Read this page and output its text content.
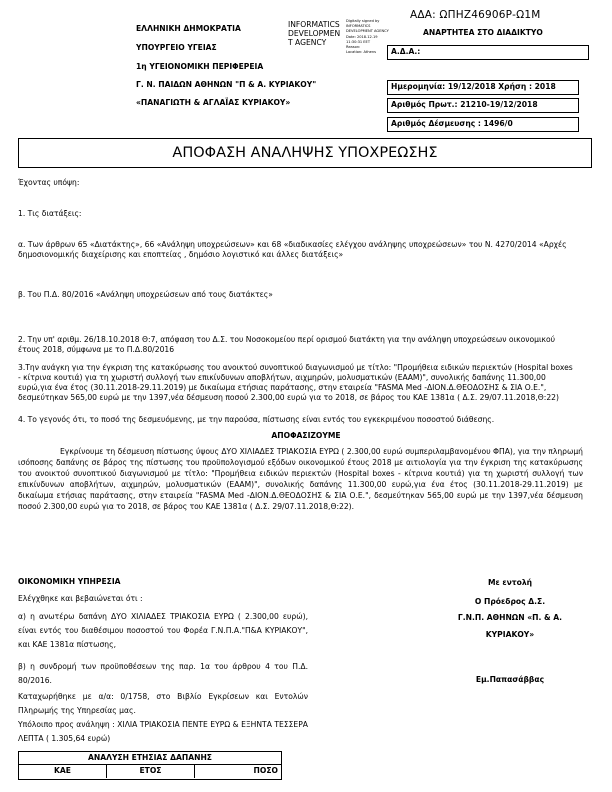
ΑΔΑ: ΩΠΗΖ46906Ρ-Ω1Μ
ΕΛΛΗΝΙΚΗ ΔΗΜΟΚΡΑΤΙΑ
ΥΠΟΥΡΓΕΙΟ ΥΓΕΙΑΣ
1η ΥΓΕΙΟΝΟΜΙΚΗ ΠΕΡΙΦΕΡΕΙΑ
Γ. Ν. ΠΑΙΔΩΝ ΑΘΗΝΩΝ "Π & Α. ΚΥΡΙΑΚΟΥ"
«ΠΑΝΑΓΙΩΤΗ & ΑΓΛΑΪΑΣ ΚΥΡΙΑΚΟΥ»
INFORMATICS
DEVELOPMEN
T AGENCY
Digitally signed by
INFORMATICS
DEVELOPMENT AGENCY
Date: 2018.12.19
11:30:31 EET
Reason:
Location: Athens
ΑΝΑΡΤΗΤΕΑ ΣΤΟ ΔΙΑΔΙΚΤΥΟ
Α.Δ.Α.:
Ημερομηνία: 19/12/2018 Χρήση : 2018
Αριθμός Πρωτ.: 21210-19/12/2018
Αριθμός Δέσμευσης : 1496/0
ΑΠΟΦΑΣΗ ΑΝΑΛΗΨΗΣ ΥΠΟΧΡΕΩΣΗΣ
Έχοντας υπόψη:
1. Τις διατάξεις:
α. Των άρθρων 65 «Διατάκτης», 66 «Ανάληψη υποχρεώσεων» και 68 «διαδικασίες ελέγχου ανάληψης υποχρεώσεων» του Ν. 4270/2014 «Αρχές δημοσιονομικής διαχείρισης και εποπτείας , δημόσιο λογιστικό και άλλες διατάξεις»
β. Του Π.Δ. 80/2016 «Ανάληψη υποχρεώσεων από τους διατάκτες»
2. Την υπ' αριθμ. 26/18.10.2018 Θ:7, απόφαση του Δ.Σ. του Νοσοκομείου περί ορισμού διατάκτη για την ανάληψη υποχρεώσεων οικονομικού έτους 2018, σύμφωνα με το Π.Δ.80/2016
3.Την ανάγκη για την έγκριση της κατακύρωσης του ανοικτού συνοπτικού διαγωνισμού με τίτλο: "Προμήθεια ειδικών περιεκτών (Hospital boxes - κίτρινα κουτιά) για τη χωριστή συλλογή των επικίνδυνων αποβλήτων, αιχμηρών, μολυσματικών (ΕΑΑΜ)", συνολικής δαπάνης 11.300,00 ευρώ,για ένα έτος (30.11.2018-29.11.2019) με δικαίωμα ετήσιας παράτασης, στην εταιρεία "FASMA Med -ΔΙΟΝ.Δ.ΘΕΟΔΟΣΗΣ & ΣΙΑ Ο.Ε.", δεσμεύτηκαν 565,00 ευρώ με την 1397,νέα δέσμευση ποσού 2.300,00 ευρώ για το 2018, σε βάρος του ΚΑΕ 1381α ( Δ.Σ. 29/07.11.2018,Θ:22)
4. Το γεγονός ότι, το ποσό της δεσμευόμενης, με την παρούσα, πίστωσης είναι εντός του εγκεκριμένου ποσοστού διάθεσης.
ΑΠΟΦΑΣΙΖΟΥΜΕ
Εγκρίνουμε τη δέσμευση πίστωσης ύψους ΔΥΟ ΧΙΛΙΑΔΕΣ ΤΡΙΑΚΟΣΙΑ ΕΥΡΩ ( 2.300,00 ευρώ συμπεριλαμβανομένου ΦΠΑ), για την πληρωμή ισόποσης δαπάνης σε βάρος της πίστωσης του προϋπολογισμού εξόδων οικονομικού έτους 2018 με αιτιολογία για την έγκριση της κατακύρωσης του ανοικτού συνοπτικού διαγωνισμού με τίτλο: "Προμήθεια ειδικών περιεκτών (Hospital boxes - κίτρινα κουτιά) για τη χωριστή συλλογή των επικίνδυνων αποβλήτων, αιχμηρών, μολυσματικών (ΕΑΑΜ)", συνολικής δαπάνης 11.300,00 ευρώ,για ένα έτος (30.11.2018-29.11.2019) με δικαίωμα ετήσιας παράτασης, στην εταιρεία "FASMA Med -ΔΙΟΝ.Δ.ΘΕΟΔΟΣΗΣ & ΣΙΑ Ο.Ε.", δεσμεύτηκαν 565,00 ευρώ με την 1397,νέα δέσμευση ποσού 2.300,00 ευρώ για το 2018, σε βάρος του ΚΑΕ 1381α ( Δ.Σ. 29/07.11.2018,Θ:22).
ΟΙΚΟΝΟΜΙΚΗ ΥΠΗΡΕΣΙΑ
Ελέγχθηκε και βεβαιώνεται ότι :
α) η ανωτέρω δαπάνη ΔΥΟ ΧΙΛΙΑΔΕΣ ΤΡΙΑΚΟΣΙΑ ΕΥΡΩ ( 2.300,00 ευρώ), είναι εντός του διαθέσιμου ποσοστού του Φορέα Γ.Ν.Π.Α."Π&Α ΚΥΡΙΑΚΟΥ", και ΚΑΕ 1381α πίστωσης,
β) η συνδρομή των προϋποθέσεων της παρ. 1α του άρθρου 4 του Π.Δ. 80/2016.
Καταχωρήθηκε με α/α: 0/1758, στο Βιβλίο Εγκρίσεων και Εντολών Πληρωμής της Υπηρεσίας μας.
Υπόλοιπο προς ανάληψη : ΧΙΛΙΑ ΤΡΙΑΚΟΣΙΑ ΠΕΝΤΕ ΕΥΡΩ & ΕΞΗΝΤΑ ΤΕΣΣΕΡΑ ΛΕΠΤΑ ( 1.305,64 ευρώ)
Με εντολή
Ο Πρόεδρος Δ.Σ.
Γ.Ν.Π. ΑΘΗΝΩΝ «Π. & Α.
ΚΥΡΙΑΚΟΥ»
Εμ.Παπασάββας
ΑΝΑΛΥΣΗ ΕΤΗΣΙΑΣ ΔΑΠΑΝΗΣ
ΚΑΕ	ΕΤΟΣ	ΠΟΣΟ
